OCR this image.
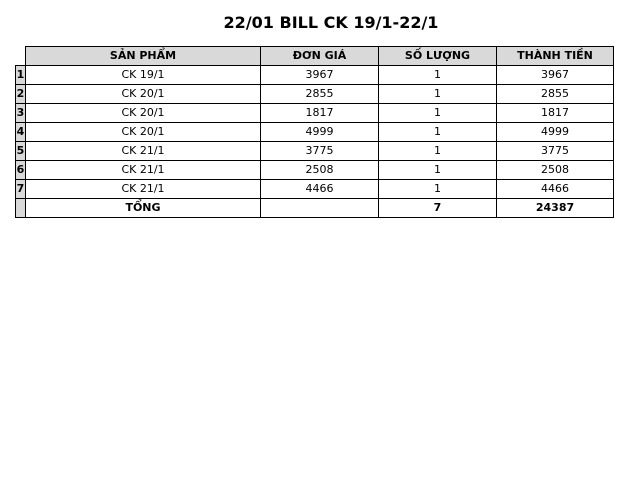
22/01 BILL CK 19/1-22/1
	SẢN PHẨM	ĐƠN GIÁ	SỐ LƯỢNG	THÀNH TIỀN
1	CK 19/1	3967	1	3967
2	CK 20/1	2855	1	2855
3	CK 20/1	1817	1	1817
4	CK 20/1	4999	1	4999
5	CK 21/1	3775	1	3775
6	CK 21/1	2508	1	2508
7	CK 21/1	4466	1	4466
	TỔNG		7	24387
